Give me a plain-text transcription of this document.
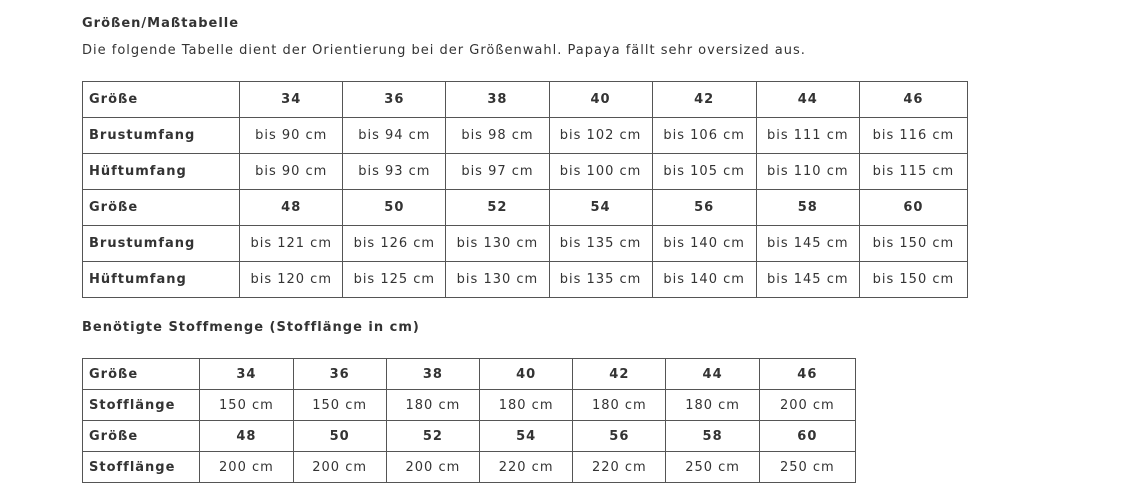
Größen/Maßtabelle

Die folgende Tabelle dient der Orientierung bei der Größenwahl. Papaya fällt sehr oversized aus.

Größe	34	36	38	40	42	44	46
Brustumfang	bis 90 cm	bis 94 cm	bis 98 cm	bis 102 cm	bis 106 cm	bis 111 cm	bis 116 cm
Hüftumfang	bis 90 cm	bis 93 cm	bis 97 cm	bis 100 cm	bis 105 cm	bis 110 cm	bis 115 cm
Größe	48	50	52	54	56	58	60
Brustumfang	bis 121 cm	bis 126 cm	bis 130 cm	bis 135 cm	bis 140 cm	bis 145 cm	bis 150 cm
Hüftumfang	bis 120 cm	bis 125 cm	bis 130 cm	bis 135 cm	bis 140 cm	bis 145 cm	bis 150 cm
Benötigte Stoffmenge (Stofflänge in cm)
Größe	34	36	38	40	42	44	46
Stofflänge	150 cm	150 cm	180 cm	180 cm	180 cm	180 cm	200 cm
Größe	48	50	52	54	56	58	60
Stofflänge	200 cm	200 cm	200 cm	220 cm	220 cm	250 cm	250 cm
